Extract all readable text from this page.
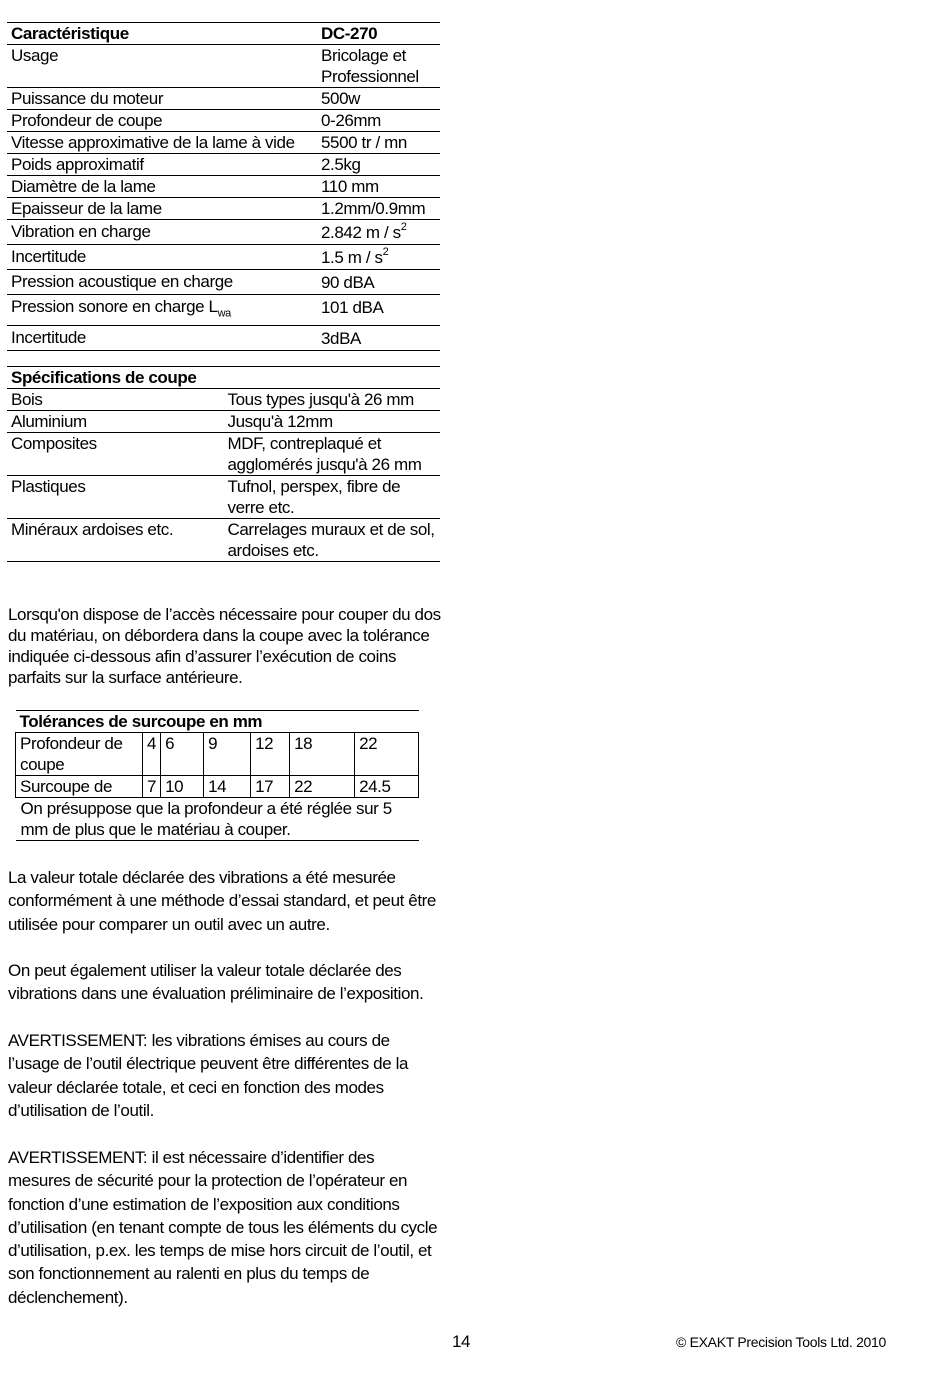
Caractéristique	DC-270
Usage	Bricolage et Professionnel
Puissance du moteur	500w
Profondeur de coupe	0-26mm
Vitesse approximative de la lame à vide	5500 tr / mn
Poids approximatif	2.5kg
Diamètre de la lame	110 mm
Epaisseur de la lame	1.2mm/0.9mm
Vibration en charge	2.842 m / $s^2$
Incertitude	1.5 m / $s^2$
Pression acoustique en charge	90 dBA
Pression sonore en charge $L_{wa}$	101 dBA
Incertitude	3dBA
Spécifications de coupe	
Bois	Tous types jusqu'à 26 mm
Aluminium	Jusqu'à 12mm
Composites	MDF, contreplaqué et agglomérés jusqu'à 26 mm
Plastiques	Tufnol, perspex, fibre de verre etc.
Minéraux ardoises etc.	Carrelages muraux et de sol, ardoises etc.

Lorsqu'on dispose de l’accès nécessaire pour couper du dos du matériau, on débordera dans la coupe avec la tolérance indiquée ci-dessous afin d’assurer l’exécution de coins parfaits sur la surface antérieure.

Tolérances de surcoupe en mm						
Profondeur de coupe	4	6	9	12	18	22
Surcoupe de	7	10	14	17	22	24.5
On présuppose que la profondeur a été réglée sur 5 mm de plus que le matériau à couper.						

La valeur totale déclarée des vibrations a été mesurée conformément à une méthode d’essai standard, et peut être utilisée pour comparer un outil avec un autre.

On peut également utiliser la valeur totale déclarée des vibrations dans une évaluation préliminaire de l’exposition.

AVERTISSEMENT: les vibrations émises au cours de l’usage de l’outil électrique peuvent être différentes de la valeur déclarée totale, et ceci en fonction des modes d’utilisation de l’outil.

AVERTISSEMENT: il est nécessaire d’identifier des mesures de sécurité pour la protection de l’opérateur en fonction d’une estimation de l’exposition aux conditions d’utilisation (en tenant compte de tous les éléments du cycle d’utilisation, p.ex. les temps de mise hors circuit de l’outil, et son fonctionnement au ralenti en plus du temps de déclenchement).

14	© EXAKT Precision Tools Ltd. 2010
